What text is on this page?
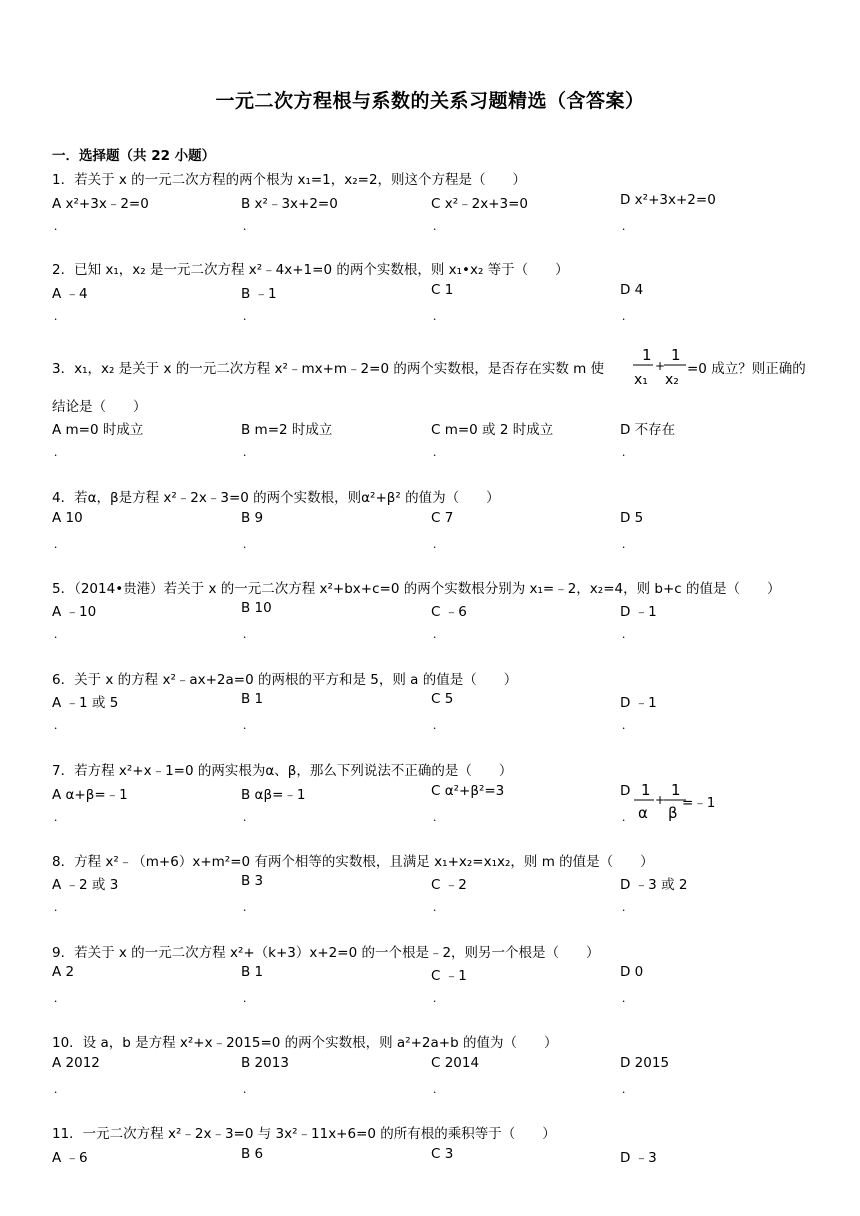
一元二次方程根与系数的关系习题精选（含答案）
一．选择题（共 22 小题）
1．若关于 x 的一元二次方程的两个根为 x₁=1，x₂=2，则这个方程是（　　）
A x²+3x﹣2=0	B x²﹣3x+2=0	C x²﹣2x+3=0	D x²+3x+2=0
2．已知 x₁，x₂ 是一元二次方程 x²﹣4x+1=0 的两个实数根，则 x₁•x₂ 等于（　　）
A ﹣4	B ﹣1	C 1	D 4
3．x₁，x₂ 是关于 x 的一元二次方程 x²﹣mx+m﹣2=0 的两个实数根，是否存在实数 m 使
1
x₁
+
1
x₂
=0 成立？则正确的
结论是（　　）
A m=0 时成立	B m=2 时成立	C m=0 或 2 时成立	D 不存在
4．若α，β是方程 x²﹣2x﹣3=0 的两个实数根，则α²+β² 的值为（　　）
A 10	B 9	C 7	D 5
5．（2014•贵港）若关于 x 的一元二次方程 x²+bx+c=0 的两个实数根分别为 x₁=﹣2，x₂=4，则 b+c 的值是（　　）
A ﹣10	B 10	C ﹣6	D ﹣1
6．关于 x 的方程 x²﹣ax+2a=0 的两根的平方和是 5，则 a 的值是（　　）
A ﹣1 或 5	B 1	C 5	D ﹣1
7．若方程 x²+x﹣1=0 的两实根为α、β，那么下列说法不正确的是（　　）
A α+β=﹣1	B αβ=﹣1	C α²+β²=3	D 1
α
+
1
β
=﹣1
8．方程 x²﹣（m+6）x+m²=0 有两个相等的实数根，且满足 x₁+x₂=x₁x₂，则 m 的值是（　　）
A ﹣2 或 3	B 3	C ﹣2	D ﹣3 或 2
9．若关于 x 的一元二次方程 x²+（k+3）x+2=0 的一个根是﹣2，则另一个根是（　　）
A 2	B 1	C ﹣1	D 0
10．设 a，b 是方程 x²+x﹣2015=0 的两个实数根，则 a²+2a+b 的值为（　　）
A 2012	B 2013	C 2014	D 2015
11．一元二次方程 x²﹣2x﹣3=0 与 3x²﹣11x+6=0 的所有根的乘积等于（　　）
A ﹣6	B 6	C 3	D ﹣3
.	.	.	.
.	.	.	.
.	.	.	.
.	.	.	.
.	.	.	.
.	.	.	.
.	.	.	.
.	.	.	.
.	.	.	.
.	.	.	.
